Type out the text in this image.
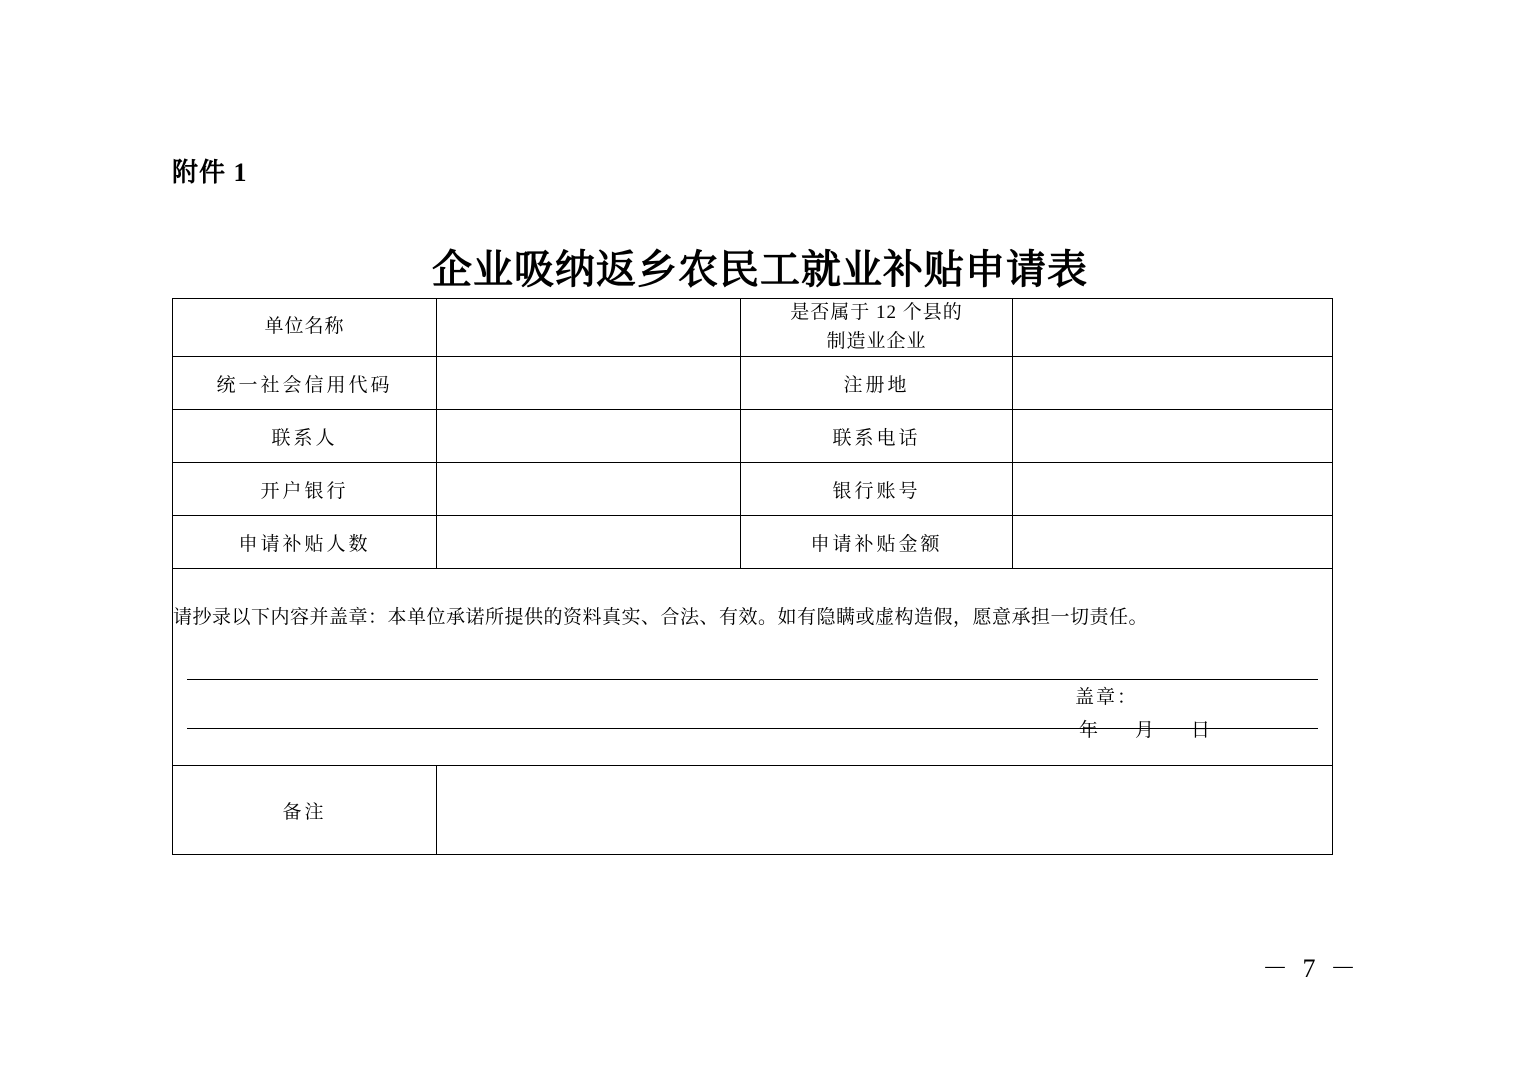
附件 1
企业吸纳返乡农民工就业补贴申请表
单位名称		是否属于 12 个县的
制造业企业	

统一社会信用代码		注册地	
联系人		联系电话	
开户银行		银行账号	
申请补贴人数		申请补贴金额	

请抄录以下内容并盖章：本单位承诺所提供的资料真实、合法、有效。如有隐瞒或虚构造假，愿意承担一切责任。
盖章：
年 月 日			

备注			
－ 7 －
